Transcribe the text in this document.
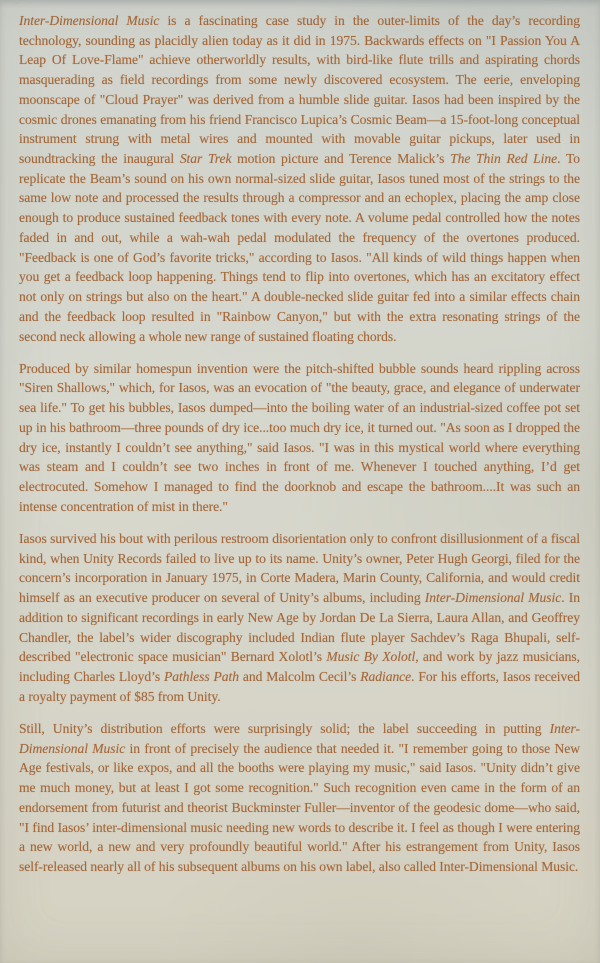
Inter-Dimensional Music is a fascinating case study in the outer-limits of the day’s recording technology, sounding as placidly alien today as it did in 1975. Backwards effects on "I Passion You A Leap Of Love-Flame" achieve otherworldly results, with bird-like flute trills and aspirating chords masquerading as field recordings from some newly discovered ecosystem. The eerie, enveloping moonscape of "Cloud Prayer" was derived from a humble slide guitar. Iasos had been inspired by the cosmic drones emanating from his friend Francisco Lupica’s Cosmic Beam—a 15-foot-long conceptual instrument strung with metal wires and mounted with movable guitar pickups, later used in soundtracking the inaugural Star Trek motion picture and Terence Malick’s The Thin Red Line. To replicate the Beam’s sound on his own normal-sized slide guitar, Iasos tuned most of the strings to the same low note and processed the results through a compressor and an echoplex, placing the amp close enough to produce sustained feedback tones with every note. A volume pedal controlled how the notes faded in and out, while a wah-wah pedal modulated the frequency of the overtones produced. "Feedback is one of God’s favorite tricks," according to Iasos. "All kinds of wild things happen when you get a feedback loop happening. Things tend to flip into overtones, which has an excitatory effect not only on strings but also on the heart." A double-necked slide guitar fed into a similar effects chain and the feedback loop resulted in "Rainbow Canyon," but with the extra resonating strings of the second neck allowing a whole new range of sustained floating chords.

Produced by similar homespun invention were the pitch-shifted bubble sounds heard rippling across "Siren Shallows," which, for Iasos, was an evocation of "the beauty, grace, and elegance of underwater sea life." To get his bubbles, Iasos dumped—into the boiling water of an industrial-sized coffee pot set up in his bathroom—three pounds of dry ice...too much dry ice, it turned out. "As soon as I dropped the dry ice, instantly I couldn’t see anything," said Iasos. "I was in this mystical world where everything was steam and I couldn’t see two inches in front of me. Whenever I touched anything, I’d get electrocuted. Somehow I managed to find the doorknob and escape the bathroom....It was such an intense concentration of mist in there."

Iasos survived his bout with perilous restroom disorientation only to confront disillusionment of a fiscal kind, when Unity Records failed to live up to its name. Unity’s owner, Peter Hugh Georgi, filed for the concern’s incorporation in January 1975, in Corte Madera, Marin County, California, and would credit himself as an executive producer on several of Unity’s albums, including Inter-Dimensional Music. In addition to significant recordings in early New Age by Jordan De La Sierra, Laura Allan, and Geoffrey Chandler, the label’s wider discography included Indian flute player Sachdev’s Raga Bhupali, self-described "electronic space musician" Bernard Xolotl’s Music By Xolotl, and work by jazz musicians, including Charles Lloyd’s Pathless Path and Malcolm Cecil’s Radiance. For his efforts, Iasos received a royalty payment of $85 from Unity.

Still, Unity’s distribution efforts were surprisingly solid; the label succeeding in putting Inter-Dimensional Music in front of precisely the audience that needed it. "I remember going to those New Age festivals, or like expos, and all the booths were playing my music," said Iasos. "Unity didn’t give me much money, but at least I got some recognition." Such recognition even came in the form of an endorsement from futurist and theorist Buckminster Fuller—inventor of the geodesic dome—who said, "I find Iasos’ inter-dimensional music needing new words to describe it. I feel as though I were entering a new world, a new and very profoundly beautiful world." After his estrangement from Unity, Iasos self-released nearly all of his subsequent albums on his own label, also called Inter-Dimensional Music.
